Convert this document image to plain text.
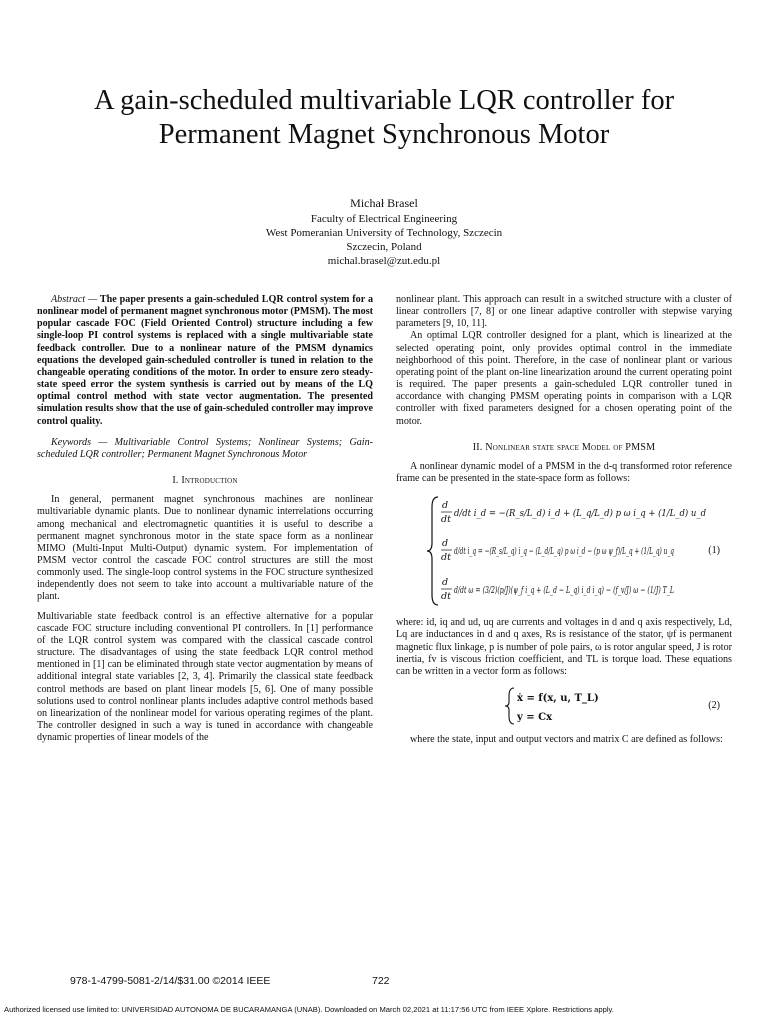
A gain-scheduled multivariable LQR controller for Permanent Magnet Synchronous Motor
Michał Brasel
Faculty of Electrical Engineering
West Pomeranian University of Technology, Szczecin
Szczecin, Poland
michal.brasel@zut.edu.pl

Abstract — The paper presents a gain-scheduled LQR control system for a nonlinear model of permanent magnet synchronous motor (PMSM). The most popular cascade FOC (Field Oriented Control) structure including a few single-loop PI control systems is replaced with a single multivariable state feedback controller. Due to a nonlinear nature of the PMSM dynamics equations the developed gain-scheduled controller is tuned in relation to the changeable operating conditions of the motor. In order to ensure zero steady-state speed error the system synthesis is carried out by means of the LQ optimal control method with state vector augmentation. The presented simulation results show that the use of gain-scheduled controller may improve control quality.

Keywords — Multivariable Control Systems; Nonlinear Systems; Gain-scheduled LQR controller; Permanent Magnet Synchronous Motor

I. Introduction

In general, permanent magnet synchronous machines are nonlinear multivariable dynamic plants. Due to nonlinear dynamic interrelations occurring among mechanical and electromagnetic quantities it is useful to describe a permanent magnet synchronous motor in the state space form as a nonlinear MIMO (Multi-Input Multi-Output) dynamic system. For implementation of PMSM vector control the cascade FOC control structures are still the most commonly used. The single-loop control systems in the FOC structure synthesized independently does not seem to take into account a multivariable nature of the plant.

Multivariable state feedback control is an effective alternative for a popular cascade FOC structure including conventional PI controllers. In [1] performance of the LQR control system was compared with the classical cascade control structure. The disadvantages of using the state feedback LQR control method mentioned in [1] can be eliminated through state vector augmentation by means of additional integral state variables [2, 3, 4]. Primarily the classical state feedback control methods are based on plant linear models [5, 6]. One of many possible solutions used to control nonlinear plants includes adaptive control methods based on linearization of the nonlinear model for various operating regimes of the plant. The controller designed in such a way is tuned in accordance with changeable dynamic properties of linear models of the

nonlinear plant. This approach can result in a switched structure with a cluster of linear controllers [7, 8] or one linear adaptive controller with stepwise varying parameters [9, 10, 11].

An optimal LQR controller designed for a plant, which is linearized at the selected operating point, only provides optimal control in the immediate neighborhood of this point. Therefore, in the case of nonlinear plant or various operating point of the plant on-line linearization around the current operating point is required. The paper presents a gain-scheduled LQR controller tuned in accordance with changing PMSM operating points in comparison with a LQR controller with fixed parameters designed for a chosen operating point of the motor.

II. Nonlinear state space Model of PMSM

A nonlinear dynamic model of a PMSM in the d-q transformed rotor reference frame can be presented in the state-space form as follows:

d
dt
d/dt i_d = −(R_s/L_d) i_d + (L_q/L_d) p ω i_q + (1/L_d) u_d
d
dt
d/dt i_q = −(R_s/L_q) i_q − (L_d/L_q) p ω i_d − (p ω ψ_f)/L_q + (1/L_q) u_q
d
dt
d/dt ω = (3/2)(p/J)(ψ_f i_q + (L_d − L_q) i_d i_q) − (f_v/J) ω − (1/J) T_L
(1)

where: id, iq and ud, uq are currents and voltages in d and q axis respectively, Ld, Lq are inductances in d and q axes, Rs is resistance of the stator, ψf is permanent magnetic flux linkage, p is number of pole pairs, ω is rotor angular speed, J is rotor inertia, fv is viscous friction coefficient, and TL is torque load. These equations can be written in a vector form as follows:

ẋ = f(x, u, T_L)
y = Cx
(2)

where the state, input and output vectors and matrix C are defined as follows:

978-1-4799-5081-2/14/$31.00 ©2014 IEEE	722
Authorized licensed use limited to: UNIVERSIDAD AUTONOMA DE BUCARAMANGA (UNAB). Downloaded on March 02,2021 at 11:17:56 UTC from IEEE Xplore. Restrictions apply.
